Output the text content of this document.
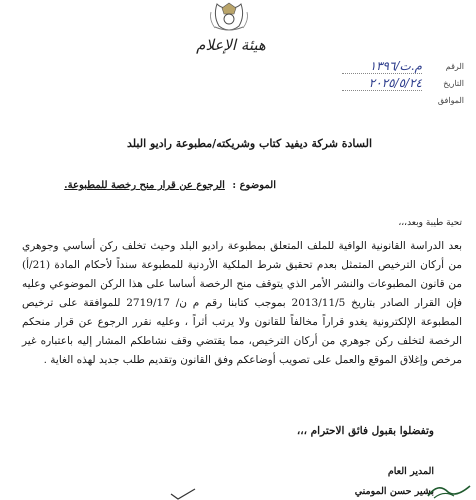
هيئة الإعلام
الرقم
م.ت/١٣٩٦
التاريخ
٢٠٢٥/٥/٢٤
الموافق
السادة شركة ديفيد كتاب وشريكته/مطبوعة راديو البلد
الموضوع : الرجوع عن قرار منح رخصة للمطبوعة.
تحية طيبة وبعد،،،
بعد الدراسة القانونية الوافية للملف المتعلق بمطبوعة راديو البلد وحيث تخلف ركن أساسي وجوهري من أركان الترخيص المتمثل بعدم تحقيق شرط الملكية الأردنية للمطبوعة سنداً لأحكام المادة (21/أ) من قانون المطبوعات والنشر الأمر الذي يتوقف منح الرخصة أساسا على هذا الركن الموضوعي وعليه فإن القرار الصادر بتاريخ 2013/11/5 بموجب كتابنا رقم م ن/ 2719/17 للموافقة على ترخيص المطبوعة الإلكترونية يغدو قراراً مخالفاً للقانون ولا يرتب أثراً ، وعليه نقرر الرجوع عن قرار منحكم الرخصة لتخلف ركن جوهري من أركان الترخيص، مما يقتضي وقف نشاطكم المشار إليه باعتباره غير مرخص وإغلاق الموقع والعمل على تصويب أوضاعكم وفق القانون وتقديم طلب جديد لهذه الغاية .
وتفضلوا بقبول فائق الاحترام ،،،
المدير العام
بشير حسن المومني
